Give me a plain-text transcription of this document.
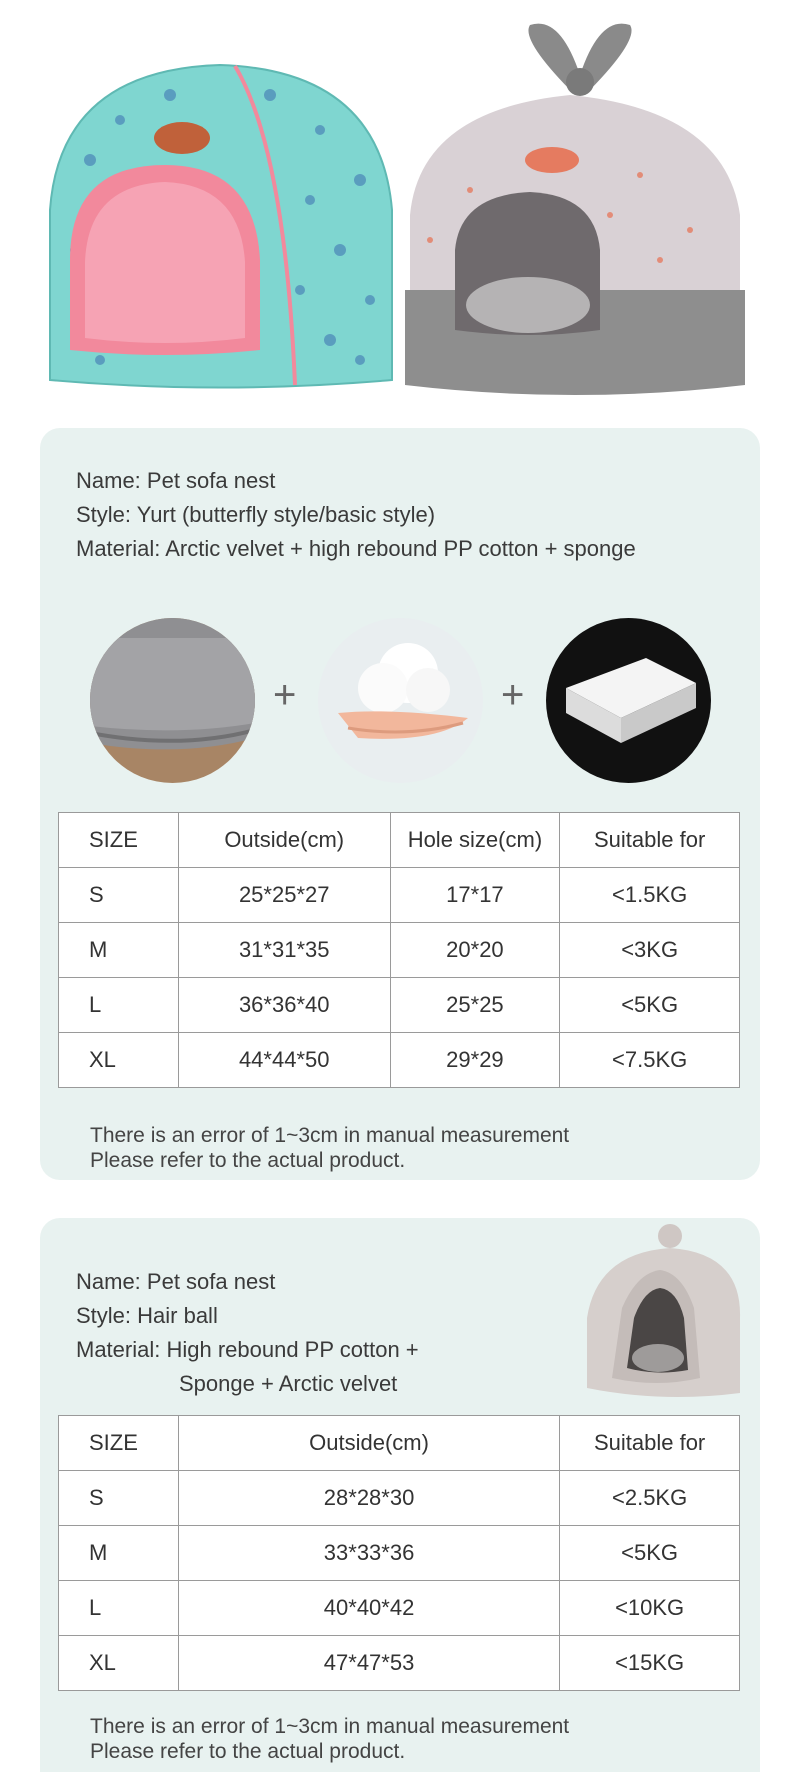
Name: Pet sofa nest
Style: Yurt (butterfly style/basic style)
Material: Arctic velvet + high rebound PP cotton + sponge
+	+
SIZE	Outside(cm)	Hole size(cm)	Suitable for
S	25*25*27	17*17	<1.5KG
M	31*31*35	20*20	<3KG
L	36*36*40	25*25	<5KG
XL	44*44*50	29*29	<7.5KG
There is an error of 1~3cm in manual measurement
Please refer to the actual product.
Name: Pet sofa nest
Style: Hair ball
Material: High rebound PP cotton +
Sponge + Arctic velvet
SIZE	Outside(cm)	Suitable for
S	28*28*30	<2.5KG
M	33*33*36	<5KG
L	40*40*42	<10KG
XL	47*47*53	<15KG
There is an error of 1~3cm in manual measurement
Please refer to the actual product.
